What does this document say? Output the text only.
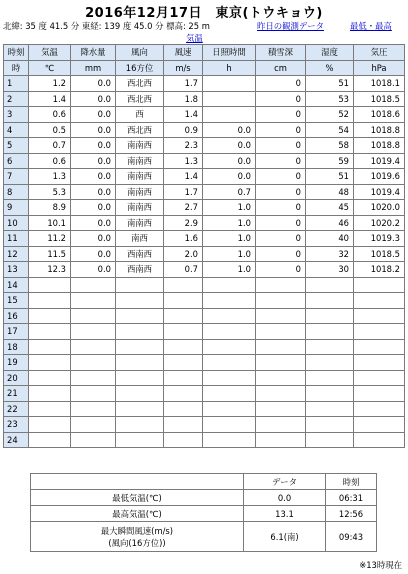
2016年12月17日　東京(トウキョウ)
北緯: 35 度 41.5 分 東経: 139 度 45.0 分 標高: 25 m	昨日の観測データ	最低・最高
気温
時刻	気温	降水量	風向	風速	日照時間	積雪深	湿度	気圧
時	℃	mm	16方位	m/s	h	cm	%	hPa
1	1.2	0.0	西北西	1.7		0	51	1018.1
2	1.4	0.0	西北西	1.8		0	53	1018.5
3	0.6	0.0	西	1.4		0	52	1018.6
4	0.5	0.0	西北西	0.9	0.0	0	54	1018.8
5	0.7	0.0	南南西	2.3	0.0	0	58	1018.8
6	0.6	0.0	南南西	1.3	0.0	0	59	1019.4
7	1.3	0.0	南南西	1.4	0.0	0	51	1019.6
8	5.3	0.0	南南西	1.7	0.7	0	48	1019.4
9	8.9	0.0	南南西	2.7	1.0	0	45	1020.0
10	10.1	0.0	南南西	2.9	1.0	0	46	1020.2
11	11.2	0.0	南西	1.6	1.0	0	40	1019.3
12	11.5	0.0	西南西	2.0	1.0	0	32	1018.5
13	12.3	0.0	西南西	0.7	1.0	0	30	1018.2
14								
15								
16								
17								
18								
19								
20								
21								
22								
23								
24								
	データ	時刻
最低気温(℃)	0.0	06:31
最高気温(℃)	13.1	12:56

最大瞬間風速(m/s)
(風向(16方位))	6.1(南)	09:43
※13時現在
